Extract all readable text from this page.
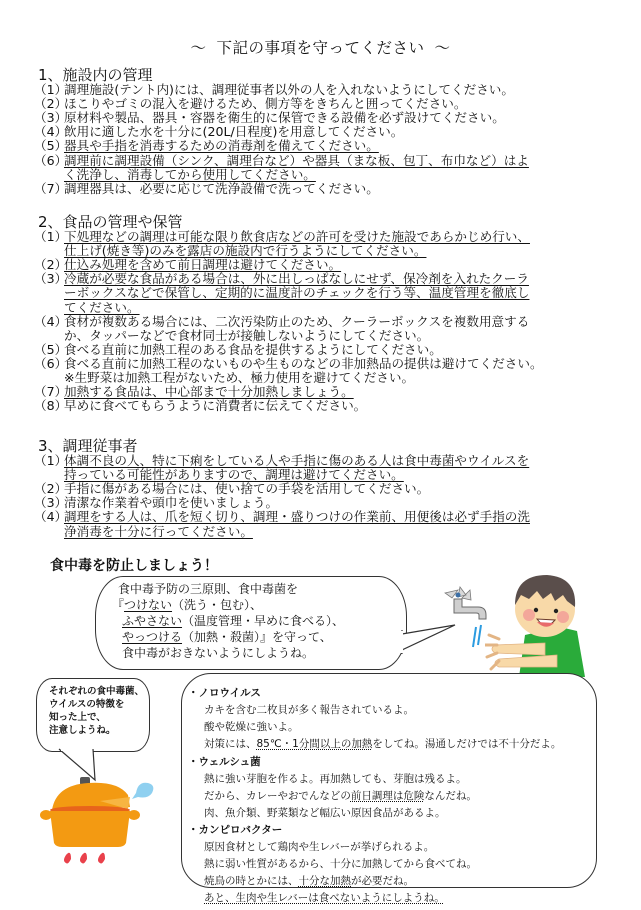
～ 下記の事項を守ってください ～
1、施設内の管理
（1）調理施設(テント内)には、調理従事者以外の人を入れないようにしてください。
（2）ほこりやゴミの混入を避けるため、側方等をきちんと囲ってください。
（3）原材料や製品、器具・容器を衛生的に保管できる設備を必ず設けてください。
（4）飲用に適した水を十分に(20L/日程度)を用意してください。
（5）器具や手指を消毒するための消毒剤を備えてください。
（6）調理前に調理設備（シンク、調理台など）や器具（まな板、包丁、布巾など）はよ
く洗浄し、消毒してから使用してください。
（7）調理器具は、必要に応じて洗浄設備で洗ってください。
2、食品の管理や保管
（1）下処理などの調理は可能な限り飲食店などの許可を受けた施設であらかじめ行い、
仕上げ(焼き等)のみを露店の施設内で行うようにしてください。
（2）仕込み処理を含めて前日調理は避けてください。
（3）冷蔵が必要な食品がある場合は、外に出しっぱなしにせず、保冷剤を入れたクーラ
ーボックスなどで保管し、定期的に温度計のチェックを行う等、温度管理を徹底し
てください。
（4）食材が複数ある場合には、二次汚染防止のため、クーラーボックスを複数用意する
か、タッパーなどで食材同士が接触しないようにしてください。
（5）食べる直前に加熱工程のある食品を提供するようにしてください。
（6）食べる直前に加熱工程のないものや生ものなどの非加熱品の提供は避けてください。
※生野菜は加熱工程がないため、極力使用を避けてください。
（7）加熱する食品は、中心部まで十分加熱しましょう。
（8）早めに食べてもらうように消費者に伝えてください。
3、調理従事者
（1）体調不良の人、特に下痢をしている人や手指に傷のある人は食中毒菌やウイルスを
持っている可能性がありますので、調理は避けてください。
（2）手指に傷がある場合には、使い捨ての手袋を活用してください。
（3）清潔な作業着や頭巾を使いましょう。
（4）調理をする人は、爪を短く切り、調理・盛りつけの作業前、用便後は必ず手指の洗
浄消毒を十分に行ってください。
食中毒を防止しましょう！
食中毒予防の三原則、食中毒菌を
『つけない（洗う・包む）、
ふやさない（温度管理・早めに食べる）、
やっつける（加熱・殺菌）』を守って、
食中毒がおきないようにしようね。
それぞれの食中毒菌、
ウイルスの特徴を
知った上で、
注意しようね。
・ノロウイルス
カキを含む二枚貝が多く報告されているよ。
酸や乾燥に強いよ。
対策には、85℃・1分間以上の加熱をしてね。湯通しだけでは不十分だよ。
・ウェルシュ菌
熱に強い芽胞を作るよ。再加熱しても、芽胞は残るよ。
だから、カレーやおでんなどの前日調理は危険なんだね。
肉、魚介類、野菜類など幅広い原因食品があるよ。
・カンピロバクター
原因食材として鶏肉や生レバーが挙げられるよ。
熱に弱い性質があるから、十分に加熱してから食べてね。
焼鳥の時とかには、十分な加熱が必要だね。
あと、生肉や生レバーは食べないようにしようね。
